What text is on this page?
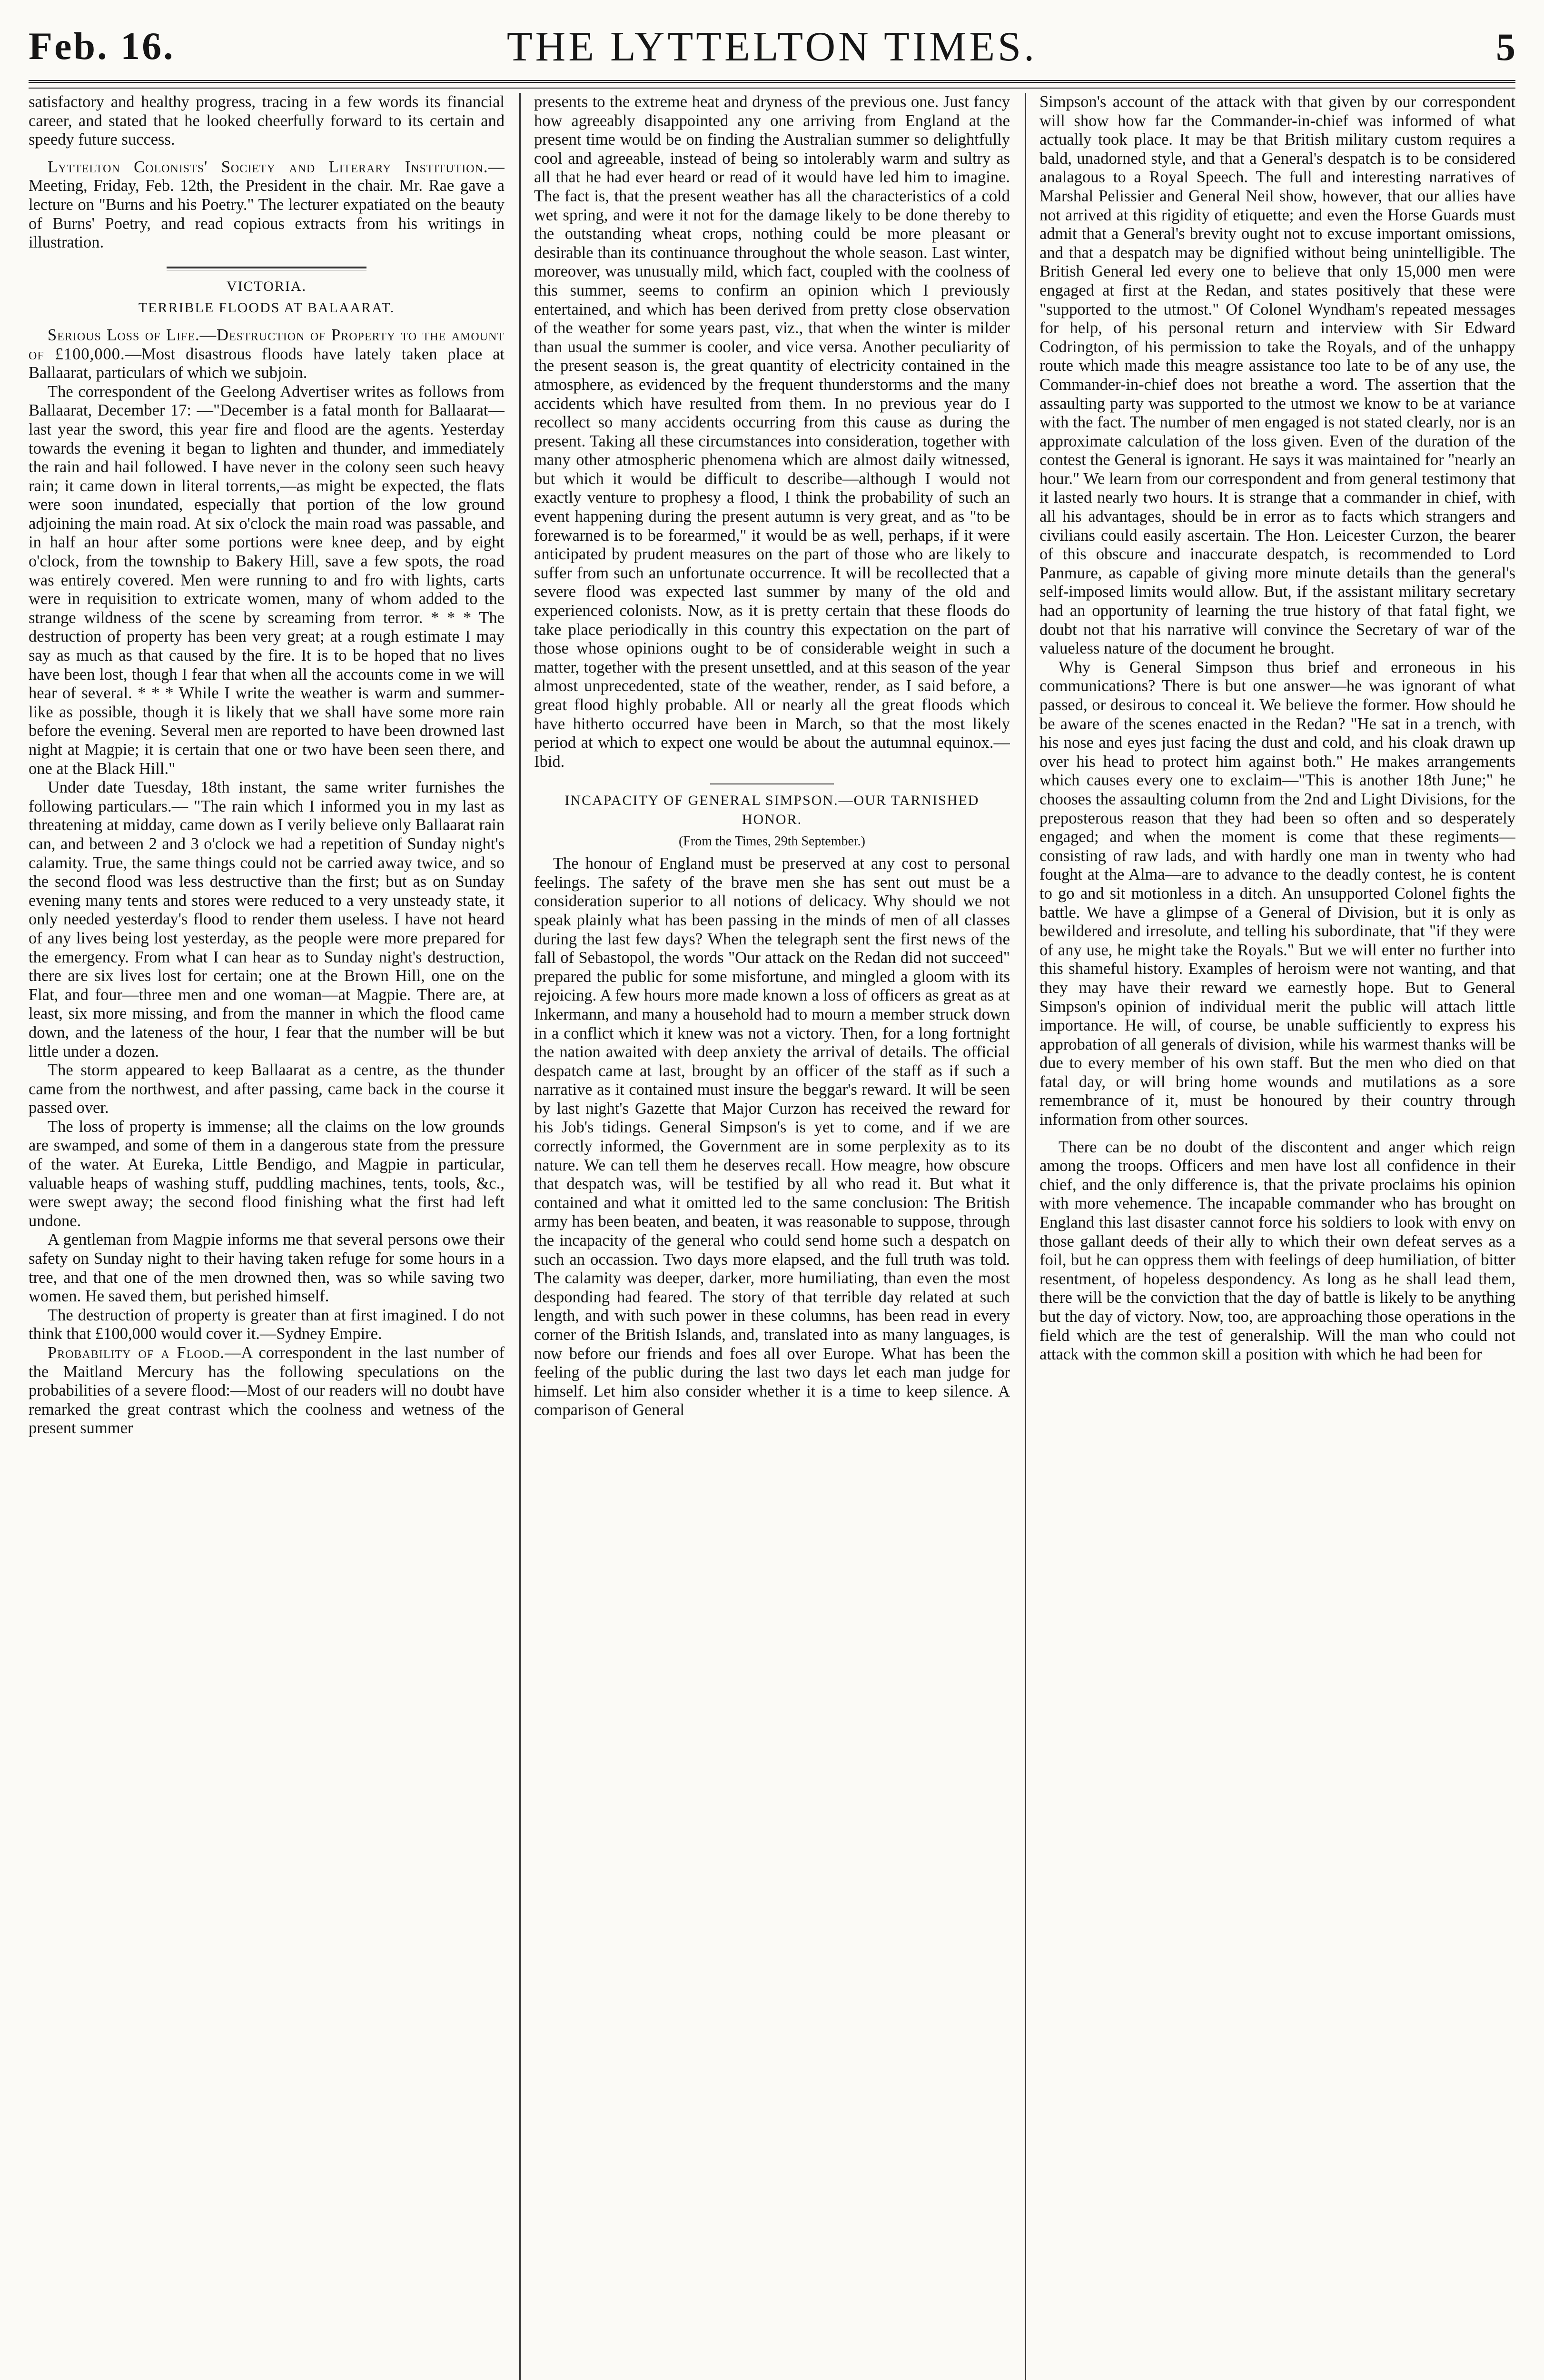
Feb. 16.	THE LYTTELTON TIMES.	5

satisfactory and healthy progress, tracing in a few words its financial career, and stated that he looked cheerfully forward to its certain and speedy future success.

Lyttelton Colonists' Society and Literary Institution.—Meeting, Friday, Feb. 12th, the President in the chair. Mr. Rae gave a lecture on "Burns and his Poetry." The lecturer expatiated on the beauty of Burns' Poetry, and read copious extracts from his writings in illustration.

VICTORIA.
TERRIBLE FLOODS AT BALAARAT.

Serious Loss of Life.—Destruction of Property to the amount of £100,000.—Most disastrous floods have lately taken place at Ballaarat, particulars of which we subjoin.

The correspondent of the Geelong Advertiser writes as follows from Ballaarat, December 17: —"December is a fatal month for Ballaarat—last year the sword, this year fire and flood are the agents. Yesterday towards the evening it began to lighten and thunder, and immediately the rain and hail followed. I have never in the colony seen such heavy rain; it came down in literal torrents,—as might be expected, the flats were soon inundated, especially that portion of the low ground adjoining the main road. At six o'clock the main road was passable, and in half an hour after some portions were knee deep, and by eight o'clock, from the township to Bakery Hill, save a few spots, the road was entirely covered. Men were running to and fro with lights, carts were in requisition to extricate women, many of whom added to the strange wildness of the scene by screaming from terror. * * * The destruction of property has been very great; at a rough estimate I may say as much as that caused by the fire. It is to be hoped that no lives have been lost, though I fear that when all the accounts come in we will hear of several. * * * While I write the weather is warm and summer-like as possible, though it is likely that we shall have some more rain before the evening. Several men are reported to have been drowned last night at Magpie; it is certain that one or two have been seen there, and one at the Black Hill."

Under date Tuesday, 18th instant, the same writer furnishes the following particulars.— "The rain which I informed you in my last as threatening at midday, came down as I verily believe only Ballaarat rain can, and between 2 and 3 o'clock we had a repetition of Sunday night's calamity. True, the same things could not be carried away twice, and so the second flood was less destructive than the first; but as on Sunday evening many tents and stores were reduced to a very unsteady state, it only needed yesterday's flood to render them useless. I have not heard of any lives being lost yesterday, as the people were more prepared for the emergency. From what I can hear as to Sunday night's destruction, there are six lives lost for certain; one at the Brown Hill, one on the Flat, and four—three men and one woman—at Magpie. There are, at least, six more missing, and from the manner in which the flood came down, and the lateness of the hour, I fear that the number will be but little under a dozen.

The storm appeared to keep Ballaarat as a centre, as the thunder came from the northwest, and after passing, came back in the course it passed over.

The loss of property is immense; all the claims on the low grounds are swamped, and some of them in a dangerous state from the pressure of the water. At Eureka, Little Bendigo, and Magpie in particular, valuable heaps of washing stuff, puddling machines, tents, tools, &c., were swept away; the second flood finishing what the first had left undone.

A gentleman from Magpie informs me that several persons owe their safety on Sunday night to their having taken refuge for some hours in a tree, and that one of the men drowned then, was so while saving two women. He saved them, but perished himself.

The destruction of property is greater than at first imagined. I do not think that £100,000 would cover it.—Sydney Empire.

Probability of a Flood.—A correspondent in the last number of the Maitland Mercury has the following speculations on the probabilities of a severe flood:—Most of our readers will no doubt have remarked the great contrast which the coolness and wetness of the present summer

presents to the extreme heat and dryness of the previous one. Just fancy how agreeably disappointed any one arriving from England at the present time would be on finding the Australian summer so delightfully cool and agreeable, instead of being so intolerably warm and sultry as all that he had ever heard or read of it would have led him to imagine. The fact is, that the present weather has all the characteristics of a cold wet spring, and were it not for the damage likely to be done thereby to the outstanding wheat crops, nothing could be more pleasant or desirable than its continuance throughout the whole season. Last winter, moreover, was unusually mild, which fact, coupled with the coolness of this summer, seems to confirm an opinion which I previously entertained, and which has been derived from pretty close observation of the weather for some years past, viz., that when the winter is milder than usual the summer is cooler, and vice versa. Another peculiarity of the present season is, the great quantity of electricity contained in the atmosphere, as evidenced by the frequent thunderstorms and the many accidents which have resulted from them. In no previous year do I recollect so many accidents occurring from this cause as during the present. Taking all these circumstances into consideration, together with many other atmospheric phenomena which are almost daily witnessed, but which it would be difficult to describe—although I would not exactly venture to prophesy a flood, I think the probability of such an event happening during the present autumn is very great, and as "to be forewarned is to be forearmed," it would be as well, perhaps, if it were anticipated by prudent measures on the part of those who are likely to suffer from such an unfortunate occurrence. It will be recollected that a severe flood was expected last summer by many of the old and experienced colonists. Now, as it is pretty certain that these floods do take place periodically in this country this expectation on the part of those whose opinions ought to be of considerable weight in such a matter, together with the present unsettled, and at this season of the year almost unprecedented, state of the weather, render, as I said before, a great flood highly probable. All or nearly all the great floods which have hitherto occurred have been in March, so that the most likely period at which to expect one would be about the autumnal equinox.—Ibid.

INCAPACITY OF GENERAL SIMPSON.—OUR TARNISHED HONOR.
(From the Times, 29th September.)

The honour of England must be preserved at any cost to personal feelings. The safety of the brave men she has sent out must be a consideration superior to all notions of delicacy. Why should we not speak plainly what has been passing in the minds of men of all classes during the last few days? When the telegraph sent the first news of the fall of Sebastopol, the words "Our attack on the Redan did not succeed" prepared the public for some misfortune, and mingled a gloom with its rejoicing. A few hours more made known a loss of officers as great as at Inkermann, and many a household had to mourn a member struck down in a conflict which it knew was not a victory. Then, for a long fortnight the nation awaited with deep anxiety the arrival of details. The official despatch came at last, brought by an officer of the staff as if such a narrative as it contained must insure the beggar's reward. It will be seen by last night's Gazette that Major Curzon has received the reward for his Job's tidings. General Simpson's is yet to come, and if we are correctly informed, the Government are in some perplexity as to its nature. We can tell them he deserves recall. How meagre, how obscure that despatch was, will be testified by all who read it. But what it contained and what it omitted led to the same conclusion: The British army has been beaten, and beaten, it was reasonable to suppose, through the incapacity of the general who could send home such a despatch on such an occassion. Two days more elapsed, and the full truth was told. The calamity was deeper, darker, more humiliating, than even the most desponding had feared. The story of that terrible day related at such length, and with such power in these columns, has been read in every corner of the British Islands, and, translated into as many languages, is now before our friends and foes all over Europe. What has been the feeling of the public during the last two days let each man judge for himself. Let him also consider whether it is a time to keep silence. A comparison of General

Simpson's account of the attack with that given by our correspondent will show how far the Commander-in-chief was informed of what actually took place. It may be that British military custom requires a bald, unadorned style, and that a General's despatch is to be considered analagous to a Royal Speech. The full and interesting narratives of Marshal Pelissier and General Neil show, however, that our allies have not arrived at this rigidity of etiquette; and even the Horse Guards must admit that a General's brevity ought not to excuse important omissions, and that a despatch may be dignified without being unintelligible. The British General led every one to believe that only 15,000 men were engaged at first at the Redan, and states positively that these were "supported to the utmost." Of Colonel Wyndham's repeated messages for help, of his personal return and interview with Sir Edward Codrington, of his permission to take the Royals, and of the unhappy route which made this meagre assistance too late to be of any use, the Commander-in-chief does not breathe a word. The assertion that the assaulting party was supported to the utmost we know to be at variance with the fact. The number of men engaged is not stated clearly, nor is an approximate calculation of the loss given. Even of the duration of the contest the General is ignorant. He says it was maintained for "nearly an hour." We learn from our correspondent and from general testimony that it lasted nearly two hours. It is strange that a commander in chief, with all his advantages, should be in error as to facts which strangers and civilians could easily ascertain. The Hon. Leicester Curzon, the bearer of this obscure and inaccurate despatch, is recommended to Lord Panmure, as capable of giving more minute details than the general's self-imposed limits would allow. But, if the assistant military secretary had an opportunity of learning the true history of that fatal fight, we doubt not that his narrative will convince the Secretary of war of the valueless nature of the document he brought.

Why is General Simpson thus brief and erroneous in his communications? There is but one answer—he was ignorant of what passed, or desirous to conceal it. We believe the former. How should he be aware of the scenes enacted in the Redan? "He sat in a trench, with his nose and eyes just facing the dust and cold, and his cloak drawn up over his head to protect him against both." He makes arrangements which causes every one to exclaim—"This is another 18th June;" he chooses the assaulting column from the 2nd and Light Divisions, for the preposterous reason that they had been so often and so desperately engaged; and when the moment is come that these regiments—consisting of raw lads, and with hardly one man in twenty who had fought at the Alma—are to advance to the deadly contest, he is content to go and sit motionless in a ditch. An unsupported Colonel fights the battle. We have a glimpse of a General of Division, but it is only as bewildered and irresolute, and telling his subordinate, that "if they were of any use, he might take the Royals." But we will enter no further into this shameful history. Examples of heroism were not wanting, and that they may have their reward we earnestly hope. But to General Simpson's opinion of individual merit the public will attach little importance. He will, of course, be unable sufficiently to express his approbation of all generals of division, while his warmest thanks will be due to every member of his own staff. But the men who died on that fatal day, or will bring home wounds and mutilations as a sore remembrance of it, must be honoured by their country through information from other sources.

There can be no doubt of the discontent and anger which reign among the troops. Officers and men have lost all confidence in their chief, and the only difference is, that the private proclaims his opinion with more vehemence. The incapable commander who has brought on England this last disaster cannot force his soldiers to look with envy on those gallant deeds of their ally to which their own defeat serves as a foil, but he can oppress them with feelings of deep humiliation, of bitter resentment, of hopeless despondency. As long as he shall lead them, there will be the conviction that the day of battle is likely to be anything but the day of victory. Now, too, are approaching those operations in the field which are the test of generalship. Will the man who could not attack with the common skill a position with which he had been for
